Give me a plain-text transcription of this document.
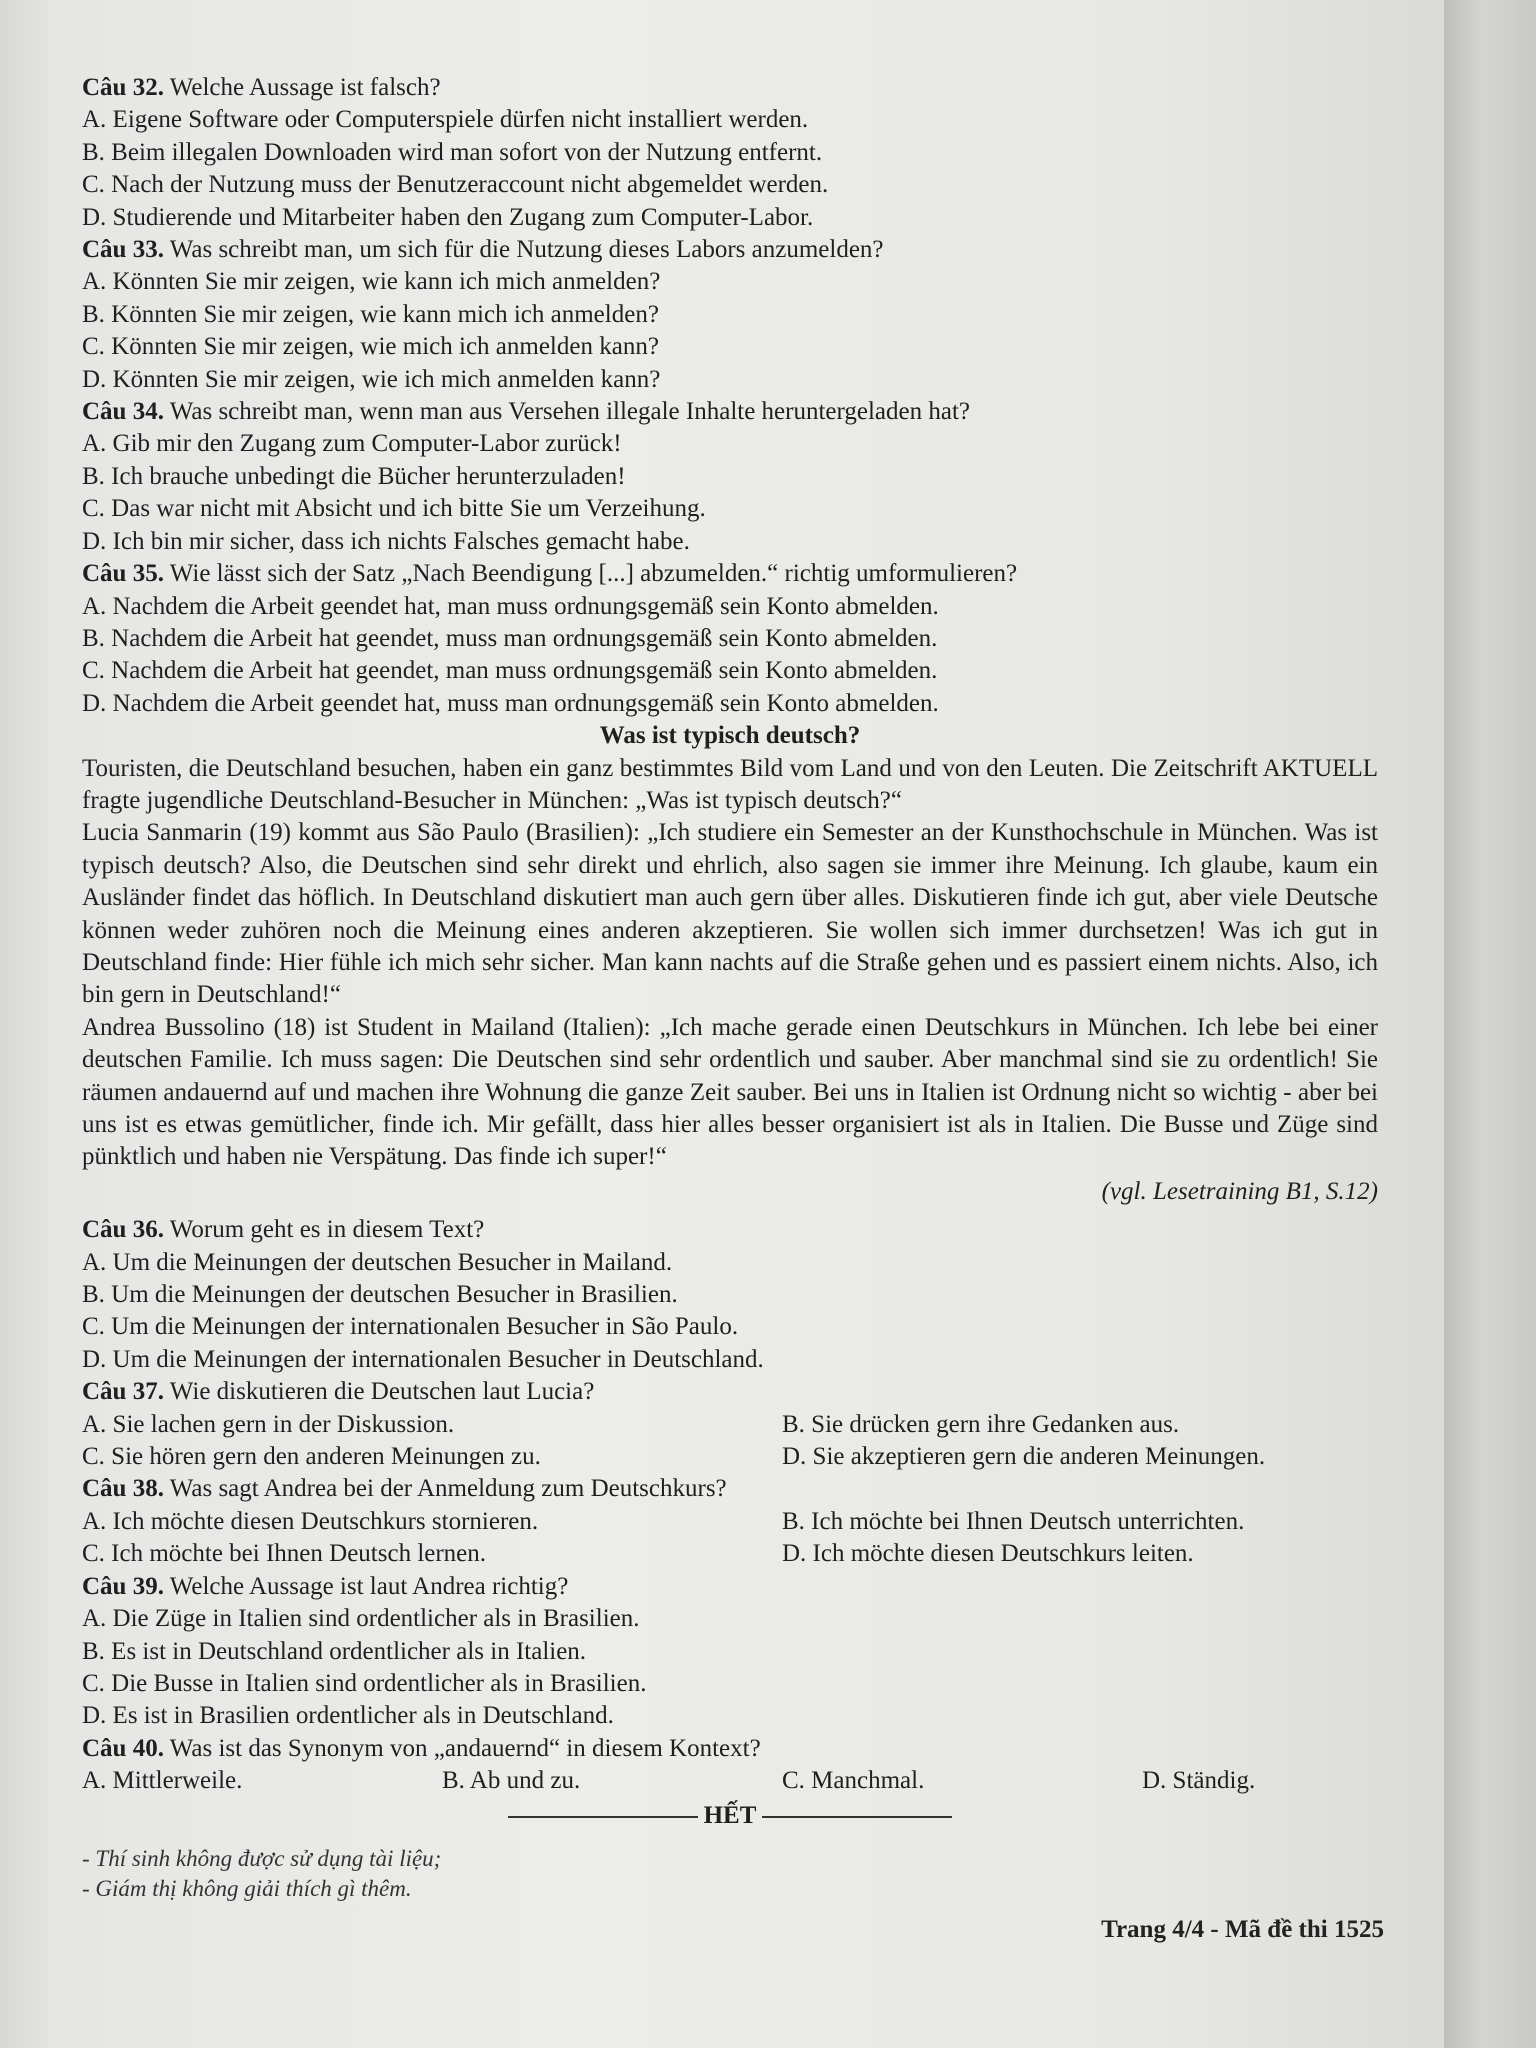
Câu 32. Welche Aussage ist falsch?
A. Eigene Software oder Computerspiele dürfen nicht installiert werden.
B. Beim illegalen Downloaden wird man sofort von der Nutzung entfernt.
C. Nach der Nutzung muss der Benutzeraccount nicht abgemeldet werden.
D. Studierende und Mitarbeiter haben den Zugang zum Computer-Labor.
Câu 33. Was schreibt man, um sich für die Nutzung dieses Labors anzumelden?
A. Könnten Sie mir zeigen, wie kann ich mich anmelden?
B. Könnten Sie mir zeigen, wie kann mich ich anmelden?
C. Könnten Sie mir zeigen, wie mich ich anmelden kann?
D. Könnten Sie mir zeigen, wie ich mich anmelden kann?
Câu 34. Was schreibt man, wenn man aus Versehen illegale Inhalte heruntergeladen hat?
A. Gib mir den Zugang zum Computer-Labor zurück!
B. Ich brauche unbedingt die Bücher herunterzuladen!
C. Das war nicht mit Absicht und ich bitte Sie um Verzeihung.
D. Ich bin mir sicher, dass ich nichts Falsches gemacht habe.
Câu 35. Wie lässt sich der Satz „Nach Beendigung [...] abzumelden.“ richtig umformulieren?
A. Nachdem die Arbeit geendet hat, man muss ordnungsgemäß sein Konto abmelden.
B. Nachdem die Arbeit hat geendet, muss man ordnungsgemäß sein Konto abmelden.
C. Nachdem die Arbeit hat geendet, man muss ordnungsgemäß sein Konto abmelden.
D. Nachdem die Arbeit geendet hat, muss man ordnungsgemäß sein Konto abmelden.
Was ist typisch deutsch?
Touristen, die Deutschland besuchen, haben ein ganz bestimmtes Bild vom Land und von den Leuten. Die Zeitschrift AKTUELL fragte jugendliche Deutschland-Besucher in München: „Was ist typisch deutsch?“
Lucia Sanmarin (19) kommt aus São Paulo (Brasilien): „Ich studiere ein Semester an der Kunsthochschule in München. Was ist typisch deutsch? Also, die Deutschen sind sehr direkt und ehrlich, also sagen sie immer ihre Meinung. Ich glaube, kaum ein Ausländer findet das höflich. In Deutschland diskutiert man auch gern über alles. Diskutieren finde ich gut, aber viele Deutsche können weder zuhören noch die Meinung eines anderen akzeptieren. Sie wollen sich immer durchsetzen! Was ich gut in Deutschland finde: Hier fühle ich mich sehr sicher. Man kann nachts auf die Straße gehen und es passiert einem nichts. Also, ich bin gern in Deutschland!“
Andrea Bussolino (18) ist Student in Mailand (Italien): „Ich mache gerade einen Deutschkurs in München. Ich lebe bei einer deutschen Familie. Ich muss sagen: Die Deutschen sind sehr ordentlich und sauber. Aber manchmal sind sie zu ordentlich! Sie räumen andauernd auf und machen ihre Wohnung die ganze Zeit sauber. Bei uns in Italien ist Ordnung nicht so wichtig - aber bei uns ist es etwas gemütlicher, finde ich. Mir gefällt, dass hier alles besser organisiert ist als in Italien. Die Busse und Züge sind pünktlich und haben nie Verspätung. Das finde ich super!“
(vgl. Lesetraining B1, S.12)
Câu 36. Worum geht es in diesem Text?
A. Um die Meinungen der deutschen Besucher in Mailand.
B. Um die Meinungen der deutschen Besucher in Brasilien.
C. Um die Meinungen der internationalen Besucher in São Paulo.
D. Um die Meinungen der internationalen Besucher in Deutschland.
Câu 37. Wie diskutieren die Deutschen laut Lucia?
A. Sie lachen gern in der Diskussion.	B. Sie drücken gern ihre Gedanken aus.
C. Sie hören gern den anderen Meinungen zu.	D. Sie akzeptieren gern die anderen Meinungen.
Câu 38. Was sagt Andrea bei der Anmeldung zum Deutschkurs?
A. Ich möchte diesen Deutschkurs stornieren.	B. Ich möchte bei Ihnen Deutsch unterrichten.
C. Ich möchte bei Ihnen Deutsch lernen.	D. Ich möchte diesen Deutschkurs leiten.
Câu 39. Welche Aussage ist laut Andrea richtig?
A. Die Züge in Italien sind ordentlicher als in Brasilien.
B. Es ist in Deutschland ordentlicher als in Italien.
C. Die Busse in Italien sind ordentlicher als in Brasilien.
D. Es ist in Brasilien ordentlicher als in Deutschland.
Câu 40. Was ist das Synonym von „andauernd“ in diesem Kontext?
A. Mittlerweile.	B. Ab und zu.	C. Manchmal.	D. Ständig.
HẾT
- Thí sinh không được sử dụng tài liệu;
- Giám thị không giải thích gì thêm.
Trang 4/4 - Mã đề thi 1525
